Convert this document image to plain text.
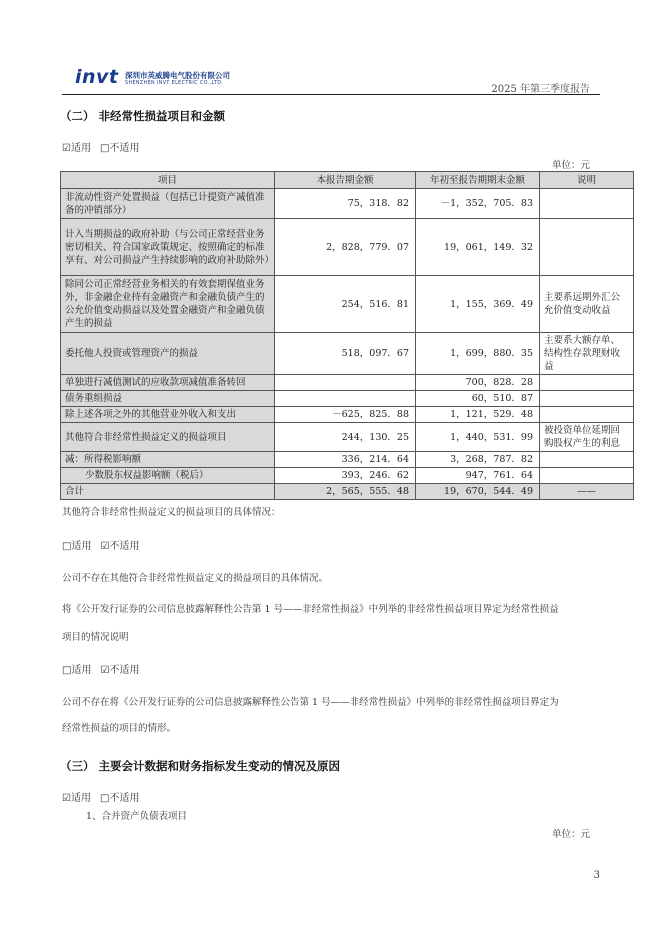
invt 深圳市英威腾电气股份有限公司
SHENZHEN INVT ELECTRIC CO.,LTD.
2025 年第三季度报告
（二） 非经常性损益项目和金额
☑适用 □不适用
单位：元
项目	本报告期金额	年初至报告期期末金额	说明
非流动性资产处置损益（包括已计提资产减值准备的冲销部分）	75，318．82	－1，352，705．83	
计入当期损益的政府补助（与公司正常经营业务密切相关、符合国家政策规定、按照确定的标准享有、对公司损益产生持续影响的政府补助除外）	2，828，779．07	19，061，149．32	
除同公司正常经营业务相关的有效套期保值业务外，非金融企业持有金融资产和金融负债产生的公允价值变动损益以及处置金融资产和金融负债产生的损益	254，516．81	1，155，369．49	主要系远期外汇公允价值变动收益
委托他人投资或管理资产的损益	518，097．67	1，699，880．35	主要系大额存单、结构性存款理财收益
单独进行减值测试的应收款项减值准备转回		700，828．28	
债务重组损益		60，510．87	
除上述各项之外的其他营业外收入和支出	－625，825．88	1，121，529．48	
其他符合非经常性损益定义的损益项目	244，130．25	1，440，531．99	被投资单位延期回购股权产生的利息
减：所得税影响额	336，214．64	3，268，787．82	
少数股东权益影响额（税后）	393，246．62	947，761．64	
合计	2，565，555．48	19，670，544．49	——
其他符合非经常性损益定义的损益项目的具体情况：
□适用 ☑不适用
公司不存在其他符合非经常性损益定义的损益项目的具体情况。
将《公开发行证券的公司信息披露解释性公告第 1 号——非经常性损益》中列举的非经常性损益项目界定为经常性损益
项目的情况说明
□适用 ☑不适用
公司不存在将《公开发行证券的公司信息披露解释性公告第 1 号——非经常性损益》中列举的非经常性损益项目界定为
经常性损益的项目的情形。
（三） 主要会计数据和财务指标发生变动的情况及原因
☑适用 □不适用
1、合并资产负债表项目
单位：元
3
